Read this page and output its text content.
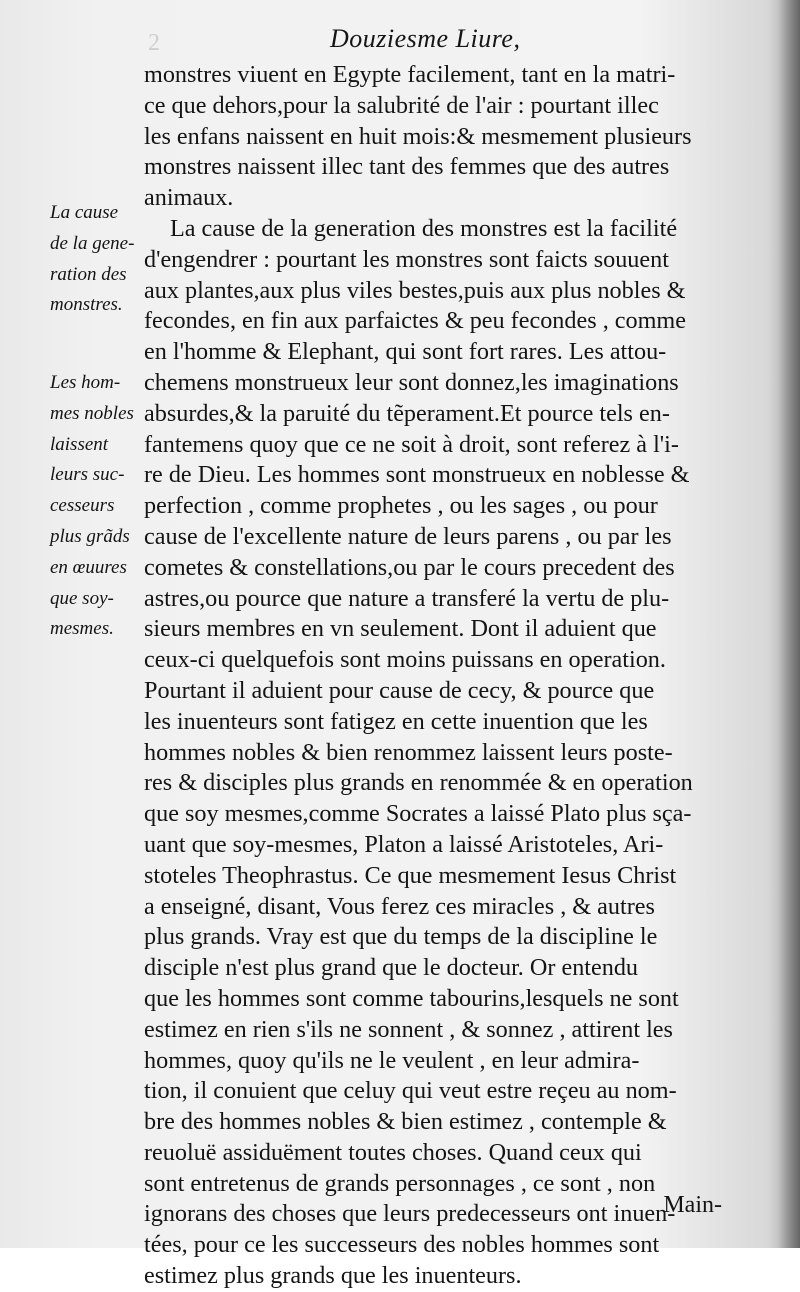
2	Douziesme Liure,
monstres viuent en Egypte facilement, tant en la matri-
ce que dehors,pour la salubrité de l'air : pourtant illec
les enfans naissent en huit mois:& mesmement plusieurs
monstres naissent illec tant des femmes que des autres
animaux.
La cause de la generation des monstres est la facilité
d'engendrer : pourtant les monstres sont faicts souuent
aux plantes,aux plus viles bestes,puis aux plus nobles &
fecondes, en fin aux parfaictes & peu fecondes , comme
en l'homme & Elephant, qui sont fort rares. Les attou-
chemens monstrueux leur sont donnez,les imaginations
absurdes,& la paruité du tẽperament.Et pource tels en-
fantemens quoy que ce ne soit à droit, sont referez à l'i-
re de Dieu. Les hommes sont monstrueux en noblesse &
perfection , comme prophetes , ou les sages , ou pour
cause de l'excellente nature de leurs parens , ou par les
cometes & constellations,ou par le cours precedent des
astres,ou pource que nature a transferé la vertu de plu-
sieurs membres en vn seulement. Dont il aduient que
ceux-ci quelquefois sont moins puissans en operation.
Pourtant il aduient pour cause de cecy, & pource que
les inuenteurs sont fatigez en cette inuention que les
hommes nobles & bien renommez laissent leurs poste-
res & disciples plus grands en renommée & en operation
que soy mesmes,comme Socrates a laissé Plato plus sça-
uant que soy-mesmes, Platon a laissé Aristoteles, Ari-
stoteles Theophrastus. Ce que mesmement Iesus Christ
a enseigné, disant, Vous ferez ces miracles , & autres
plus grands. Vray est que du temps de la discipline le
disciple n'est plus grand que le docteur. Or entendu
que les hommes sont comme tabourins,lesquels ne sont
estimez en rien s'ils ne sonnent , & sonnez , attirent les
hommes, quoy qu'ils ne le veulent , en leur admira-
tion, il conuient que celuy qui veut estre reçeu au nom-
bre des hommes nobles & bien estimez , contemple &
reuoluë assiduëment toutes choses. Quand ceux qui
sont entretenus de grands personnages , ce sont , non
ignorans des choses que leurs predecesseurs ont inuen-
tées, pour ce les successeurs des nobles hommes sont
estimez plus grands que les inuenteurs.
La cause
de la gene-
ration des
monstres.
Les hom-
mes nobles
laissent
leurs suc-
cesseurs
plus grãds
en œuures
que soy-
mesmes.
Main-
